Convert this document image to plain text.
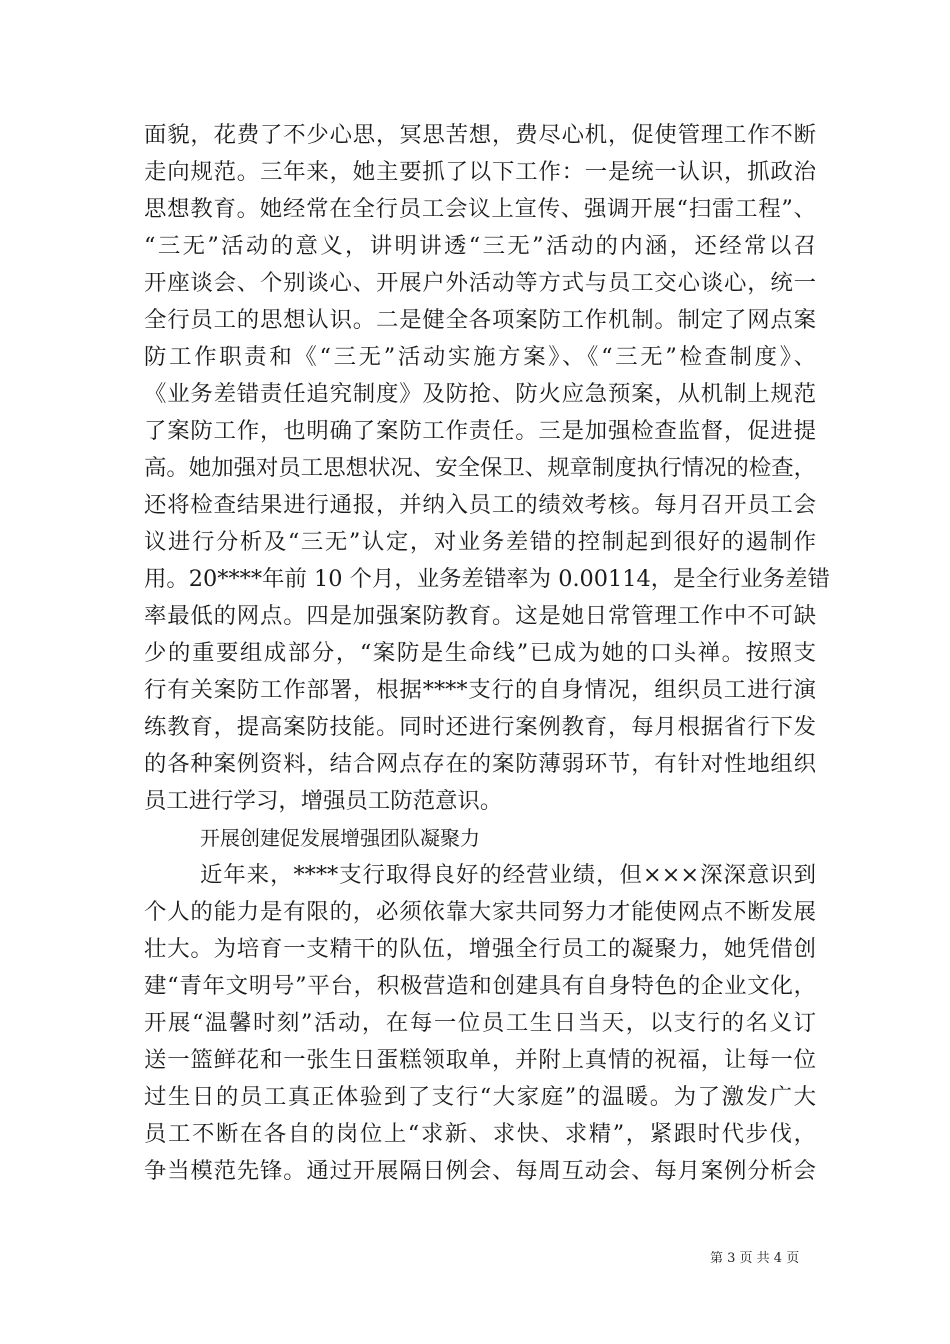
面貌，花费了不少心思，冥思苦想，费尽心机，促使管理工作不断
走向规范。三年来，她主要抓了以下工作：一是统一认识，抓政治
思想教育。她经常在全行员工会议上宣传、强调开展“扫雷工程”、
“三无”活动的意义，讲明讲透“三无”活动的内涵，还经常以召
开座谈会、个别谈心、开展户外活动等方式与员工交心谈心，统一
全行员工的思想认识。二是健全各项案防工作机制。制定了网点案
防工作职责和《“三无”活动实施方案》、《“三无”检查制度》、
《业务差错责任追究制度》及防抢、防火应急预案，从机制上规范
了案防工作，也明确了案防工作责任。三是加强检查监督，促进提
高。她加强对员工思想状况、安全保卫、规章制度执行情况的检查，
还将检查结果进行通报，并纳入员工的绩效考核。每月召开员工会
议进行分析及“三无”认定，对业务差错的控制起到很好的遏制作
用。20****年前 10 个月，业务差错率为 0.00114，是全行业务差错
率最低的网点。四是加强案防教育。这是她日常管理工作中不可缺
少的重要组成部分，“案防是生命线”已成为她的口头禅。按照支
行有关案防工作部署，根据****支行的自身情况，组织员工进行演
练教育，提高案防技能。同时还进行案例教育，每月根据省行下发
的各种案例资料，结合网点存在的案防薄弱环节，有针对性地组织
员工进行学习，增强员工防范意识。
开展创建促发展增强团队凝聚力
近年来，****支行取得良好的经营业绩，但×××深深意识到
个人的能力是有限的，必须依靠大家共同努力才能使网点不断发展
壮大。为培育一支精干的队伍，增强全行员工的凝聚力，她凭借创
建“青年文明号”平台，积极营造和创建具有自身特色的企业文化，
开展“温馨时刻”活动，在每一位员工生日当天，以支行的名义订
送一篮鲜花和一张生日蛋糕领取单，并附上真情的祝福，让每一位
过生日的员工真正体验到了支行“大家庭”的温暖。为了激发广大
员工不断在各自的岗位上“求新、求快、求精”，紧跟时代步伐，
争当模范先锋。通过开展隔日例会、每周互动会、每月案例分析会
第 3 页 共 4 页
